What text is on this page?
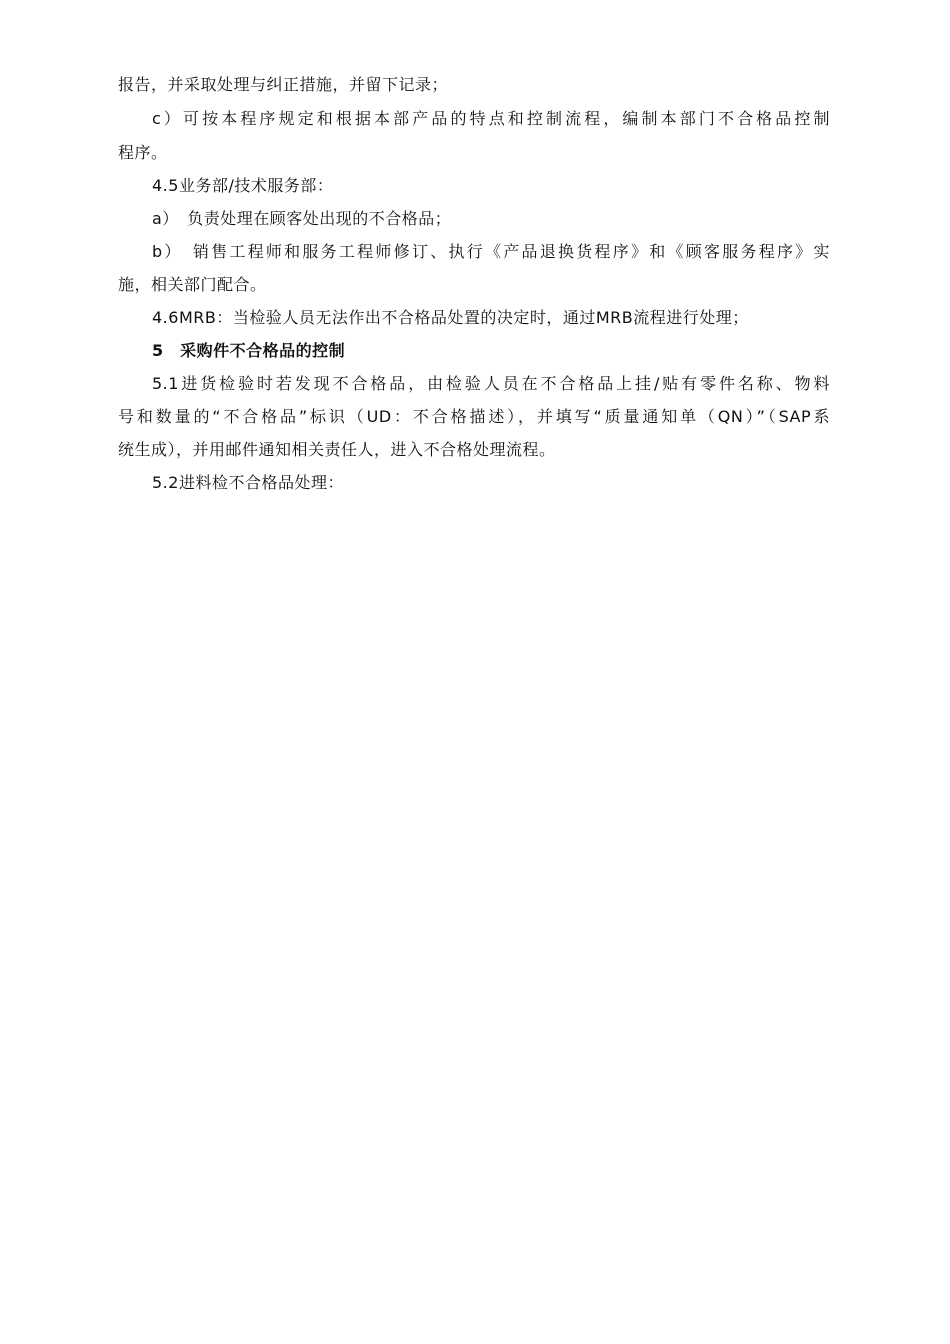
报告，并采取处理与纠正措施，并留下记录；
c）可按本程序规定和根据本部产品的特点和控制流程，编制本部门不合格品控制
程序。
4.5业务部/技术服务部：
a）　负责处理在顾客处出现的不合格品；
b）　销售工程师和服务工程师修订、执行《产品退换货程序》和《顾客服务程序》实
施，相关部门配合。
4.6MRB：当检验人员无法作出不合格品处置的决定时，通过MRB流程进行处理；
5　采购件不合格品的控制
5.1进货检验时若发现不合格品，由检验人员在不合格品上挂/贴有零件名称、物料
号和数量的“不合格品”标识（UD：不合格描述），并填写“质量通知单（QN）”（SAP系
统生成），并用邮件通知相关责任人，进入不合格处理流程。
5.2进料检不合格品处理：
